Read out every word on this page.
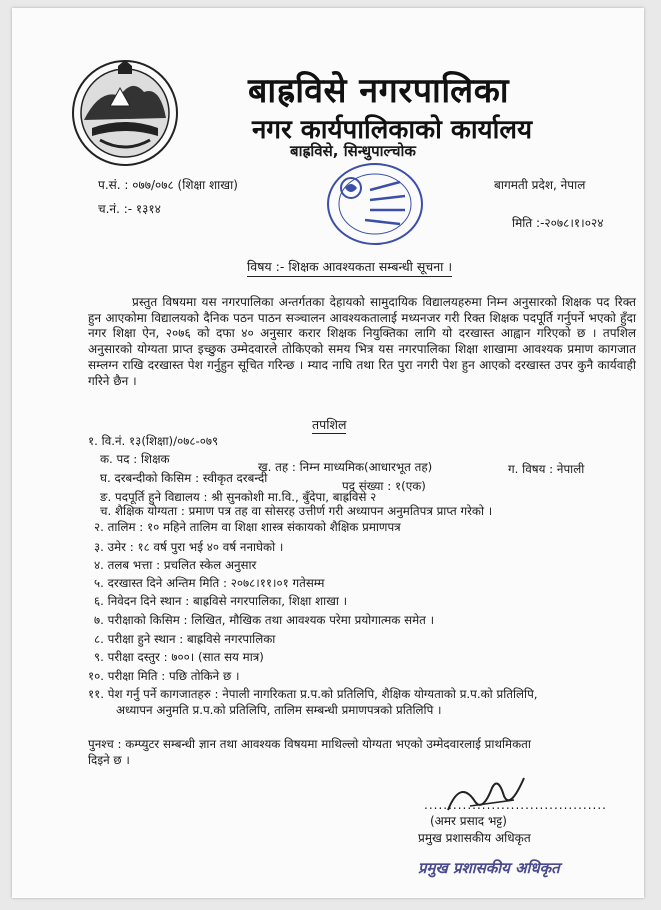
बाह्रविसे नगरपालिका
नगर कार्यपालिकाको कार्यालय
बाह्रविसे, सिन्धुपाल्चोक
प.सं. : ०७७/०७८ (शिक्षा शाखा)
च.नं. :- १३१४
बागमती प्रदेश, नेपाल
मिति :-२०७८।१।०२४
विषय :- शिक्षक आवश्यकता सम्बन्धी सूचना ।
प्रस्तुत विषयमा यस नगरपालिका अन्तर्गतका देहायको सामुदायिक विद्यालयहरुमा निम्न अनुसारको शिक्षक पद रिक्त हुन आएकोमा विद्यालयको दैनिक पठन पाठन सञ्चालन आवश्यकतालाई मध्यनजर गरी रिक्त शिक्षक पदपूर्ति गर्नुपर्ने भएको हुँदा नगर शिक्षा ऐन, २०७६ को दफा ४० अनुसार करार शिक्षक नियुक्तिका लागि यो दरखास्त आह्वान गरिएको छ । तपशिल अनुसारको योग्यता प्राप्त इच्छुक उम्मेदवारले तोकिएको समय भित्र यस नगरपालिका शिक्षा शाखामा आवश्यक प्रमाण कागजात सम्लग्न राखि दरखास्त पेश गर्नुहुन सूचित गरिन्छ । म्याद नाघि तथा रित पुरा नगरी पेश हुन आएको दरखास्त उपर कुनै कार्यवाही गरिने छैन ।
तपशिल
१. वि.नं. १३(शिक्षा)/०७८-०७९
क. पद : शिक्षक
ख. तह : निम्न माध्यमिक(आधारभूत तह)	ग. विषय : नेपाली
घ. दरबन्दीको किसिम : स्वीकृत दरबन्दी
पद संख्या : १(एक)
ङ. पदपूर्ति हुने विद्यालय : श्री सुनकोशी मा.वि., बुँदेपा, बाह्रविसे २
च. शैक्षिक योग्यता : प्रमाण पत्र तह वा सोसरह उत्तीर्ण गरी अध्यापन अनुमतिपत्र प्राप्त गरेको ।
२. तालिम : १० महिने तालिम वा शिक्षा शास्त्र संकायको शैक्षिक प्रमाणपत्र
३. उमेर : १८ वर्ष पुरा भई ४० वर्ष ननाघेको ।
४. तलब भत्ता : प्रचलित स्केल अनुसार
५. दरखास्त दिने अन्तिम मिति : २०७८।११।०१ गतेसम्म
६. निवेदन दिने स्थान : बाह्रविसे नगरपालिका, शिक्षा शाखा ।
७. परीक्षाको किसिम : लिखित, मौखिक तथा आवश्यक परेमा प्रयोगात्मक समेत ।
८. परीक्षा हुने स्थान : बाह्रविसे नगरपालिका
९. परीक्षा दस्तुर : ७००। (सात सय मात्र)
१०. परीक्षा मिति : पछि तोकिने छ ।
११. पेश गर्नु पर्ने कागजातहरु : नेपाली नागरिकता प्र.प.को प्रतिलिपि, शैक्षिक योग्यताको प्र.प.को प्रतिलिपि,
अध्यापन अनुमति प्र.प.को प्रतिलिपि, तालिम सम्बन्धी प्रमाणपत्रको प्रतिलिपि ।
पुनश्च : कम्प्युटर सम्बन्धी ज्ञान तथा आवश्यक विषयमा माथिल्लो योग्यता भएको उम्मेदवारलाई प्राथमिकता
दिइने छ ।
......................................
(अमर प्रसाद भट्ट)
प्रमुख प्रशासकीय अधिकृत
प्रमुख प्रशासकीय अधिकृत
